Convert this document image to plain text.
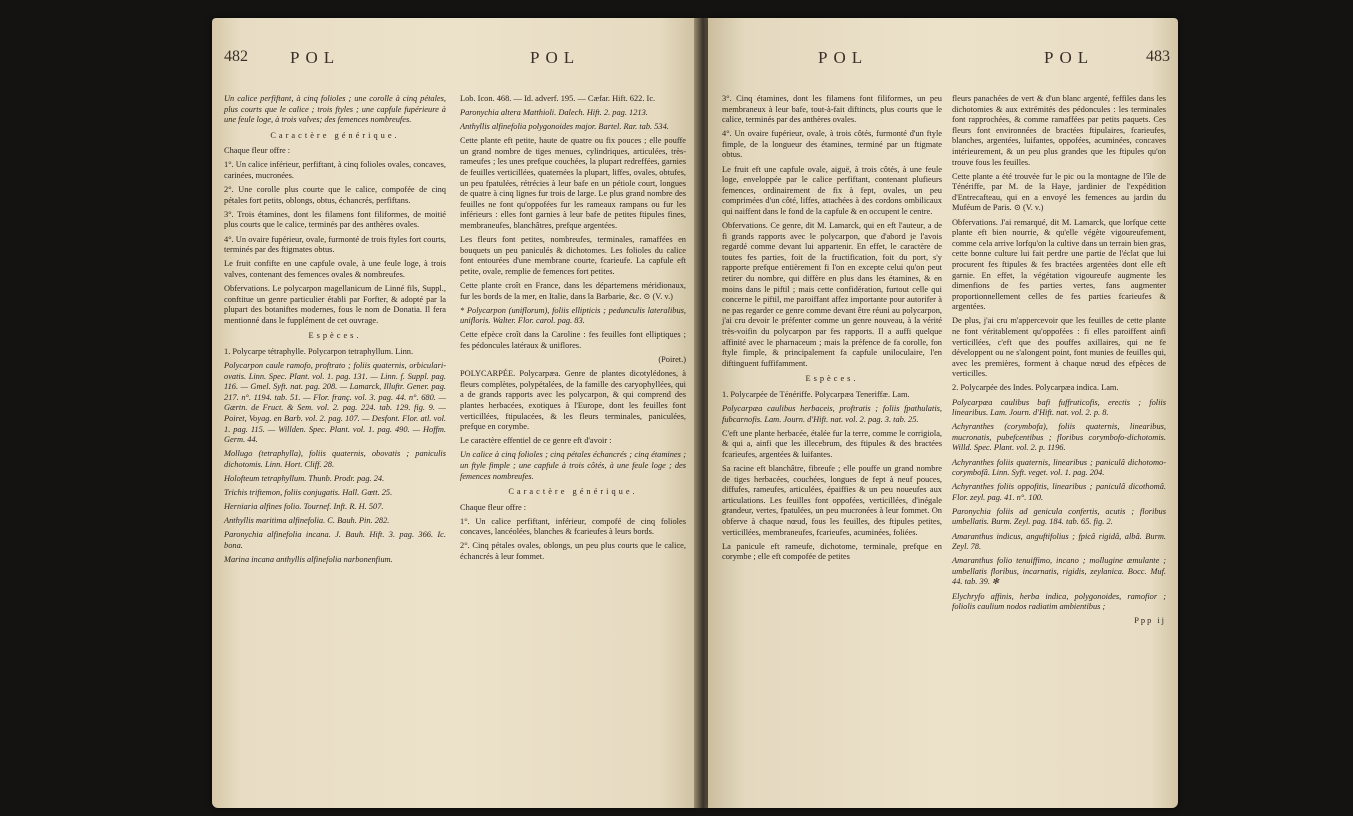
482 POL	POL

Un calice perfiftant, à cinq folioles ; une corolle à cinq pétales, plus courts que le calice ; trois ftyles ; une capfule fupérieure à une feule loge, à trois valves; des femences nombreufes.

Caractère générique.

Chaque fleur offre :

1°. Un calice inférieur, perfiftant, à cinq folioles ovales, concaves, carinées, mucronées.

2°. Une corolle plus courte que le calice, compofée de cinq pétales fort petits, oblongs, obtus, échancrés, perfiftans.

3°. Trois étamines, dont les filamens font filiformes, de moitié plus courts que le calice, terminés par des anthères ovales.

4°. Un ovaire fupérieur, ovale, furmonté de trois ftyles fort courts, terminés par des ftigmates obtus.

Le fruit confifte en une capfule ovale, à une feule loge, à trois valves, contenant des femences ovales & nombreufes.

Obfervations. Le polycarpon magellanicum de Linné fils, Suppl., conftitue un genre particulier établi par Forfter, & adopté par la plupart des botaniftes modernes, fous le nom de Donatia. Il fera mentionné dans le fupplément de cet ouvrage.

Espèces.

1. Polycarpe tétraphylle. Polycarpon tetraphyllum. Linn.

Polycarpon caule ramofo, proftrato ; foliis quaternis, orbiculari-ovatis. Linn. Spec. Plant. vol. 1. pag. 131. — Linn. f. Suppl. pag. 116. — Gmel. Syft. nat. pag. 208. — Lamarck, Illuftr. Gener. pag. 217. n°. 1194. tab. 51. — Flor. franç. vol. 3. pag. 44. n°. 680. — Gærtn. de Fruct. & Sem. vol. 2. pag. 224. tab. 129. fig. 9. — Poiret, Voyag. en Barb. vol. 2. pag. 107. — Desfont. Flor. atl. vol. 1. pag. 115. — Willden. Spec. Plant. vol. 1. pag. 490. — Hoffm. Germ. 44.

Mollugo (tetraphylla), foliis quaternis, obovatis ; paniculis dichotomis. Linn. Hort. Cliff. 28.

Holofteum tetraphyllum. Thunb. Prodr. pag. 24.

Trichis triftemon, foliis conjugatis. Hall. Gœtt. 25.

Herniaria alfines folio. Tournef. Inft. R. H. 507.

Anthyllis maritima alfinefolia. C. Bauh. Pin. 282.

Paronychia alfinefolia incana. J. Bauh. Hift. 3. pag. 366. Ic. bona.

Marina incana anthyllis alfinefolia narbonenfium.

Lob. Icon. 468. — Id. adverf. 195. — Cæfar. Hift. 622. Ic.

Paronychia altera Matthioli. Dalech. Hift. 2. pag. 1213.

Anthyllis alfinefolia polygonoides major. Bartel. Rar. tab. 534.

Cette plante eft petite, haute de quatre ou fix pouces ; elle pouffe un grand nombre de tiges menues, cylindriques, articulées, très-rameufes ; les unes prefque couchées, la plupart redreffées, garnies de feuilles verticillées, quaternées la plupart, liffes, ovales, obtufes, un peu fpatulées, rétrécies à leur bafe en un pétiole court, longues de quatre à cinq lignes fur trois de large. Le plus grand nombre des feuilles ne font qu'oppofées fur les rameaux rampans ou fur les inférieurs : elles font garnies à leur bafe de petites ftipules fines, membraneufes, blanchâtres, prefque argentées.

Les fleurs font petites, nombreufes, terminales, ramaffées en bouquets un peu paniculés & dichotomes. Les folioles du calice font entourées d'une membrane courte, fcarieufe. La capfule eft petite, ovale, remplie de femences fort petites.

Cette plante croît en France, dans les départemens méridionaux, fur les bords de la mer, en Italie, dans la Barbarie, &c. ⊙ (V. v.)

* Polycarpon (uniflorum), foliis ellipticis ; pedunculis lateralibus, unifloris. Walter. Flor. carol. pag. 83.

Cette efpèce croît dans la Caroline : fes feuilles font elliptiques ; fes pédoncules latéraux & uniflores.

(Poiret.)

POLYCARPÉE. Polycarpæa. Genre de plantes dicotylédones, à fleurs complètes, polypétalées, de la famille des caryophyllées, qui a de grands rapports avec les polycarpon, & qui comprend des plantes herbacées, exotiques à l'Europe, dont les feuilles font verticillées, ftipulacées, & les fleurs terminales, paniculées, prefque en corymbe.

Le caractère effentiel de ce genre eft d'avoir :

Un calice à cinq folioles ; cinq pétales échancrés ; cinq étamines ; un ftyle fimple ; une capfule à trois côtés, à une feule loge ; des femences nombreufes.

Caractère générique.

Chaque fleur offre :

1°. Un calice perfiftant, inférieur, compofé de cinq folioles concaves, lancéolées, blanches & fcarieufes à leurs bords.

2°. Cinq pétales ovales, oblongs, un peu plus courts que le calice, échancrés à leur fommet.

POL	POL	483

3°. Cinq étamines, dont les filamens font filiformes, un peu membraneux à leur bafe, tout-à-fait diftincts, plus courts que le calice, terminés par des anthères ovales.

4°. Un ovaire fupérieur, ovale, à trois côtés, furmonté d'un ftyle fimple, de la longueur des étamines, terminé par un ftigmate obtus.

Le fruit eft une capfule ovale, aiguë, à trois côtés, à une feule loge, enveloppée par le calice perfiftant, contenant plufieurs femences, ordinairement de fix à fept, ovales, un peu comprimées d'un côté, liffes, attachées à des cordons ombilicaux qui naiffent dans le fond de la capfule & en occupent le centre.

Obfervations. Ce genre, dit M. Lamarck, qui en eft l'auteur, a de fi grands rapports avec le polycarpon, que d'abord je l'avois regardé comme devant lui appartenir. En effet, le caractère de toutes fes parties, foit de la fructification, foit du port, s'y rapporte prefque entièrement fi l'on en excepte celui qu'on peut retirer du nombre, qui diffère en plus dans les étamines, & en moins dans le piftil ; mais cette confidération, furtout celle qui concerne le piftil, me paroiffant affez importante pour autorifer à ne pas regarder ce genre comme devant être réuni au polycarpon, j'ai cru devoir le préfenter comme un genre nouveau, à la vérité très-voifin du polycarpon par fes rapports. Il a auffi quelque affinité avec le pharnaceum ; mais la préfence de fa corolle, fon ftyle fimple, & principalement fa capfule uniloculaire, l'en diftinguent fuffifamment.

Espèces.

1. Polycarpée de Ténériffe. Polycarpæa Teneriffæ. Lam.

Polycarpæa caulibus herbaceis, proftratis ; foliis fpathulatis, fubcarnofis. Lam. Journ. d'Hift. nat. vol. 2. pag. 3. tab. 25.

C'eft une plante herbacée, étalée fur la terre, comme le corrigiola, & qui a, ainfi que les illecebrum, des ftipules & des bractées fcarieufes, argentées & luifantes.

Sa racine eft blanchâtre, fibreufe ; elle pouffe un grand nombre de tiges herbacées, couchées, longues de fept à neuf pouces, diffufes, rameufes, articulées, épaiffies & un peu noueufes aux articulations. Les feuilles font oppofées, verticillées, d'inégale grandeur, vertes, fpatulées, un peu mucronées à leur fommet. On obferve à chaque nœud, fous les feuilles, des ftipules petites, verticillées, membraneufes, fcarieufes, acuminées, foliées.

La panicule eft rameufe, dichotome, terminale, prefque en corymbe ; elle eft compofée de petites

fleurs panachées de vert & d'un blanc argenté, feffiles dans les dichotomies & aux extrémités des pédoncules : les terminales font rapprochées, & comme ramaffées par petits paquets. Ces fleurs font environnées de bractées ftipulaires, fcarieufes, blanches, argentées, luifantes, oppofées, acuminées, concaves intérieurement, & un peu plus grandes que les ftipules qu'on trouve fous les feuilles.

Cette plante a été trouvée fur le pic ou la montagne de l'île de Ténériffe, par M. de la Haye, jardinier de l'expédition d'Entrecafteau, qui en a envoyé les femences au jardin du Muféum de Paris. ⊙ (V. v.)

Obfervations. J'ai remarqué, dit M. Lamarck, que lorfque cette plante eft bien nourrie, & qu'elle végète vigoureufement, comme cela arrive lorfqu'on la cultive dans un terrain bien gras, cette bonne culture lui fait perdre une partie de l'éclat que lui procurent fes ftipules & fes bractées argentées dont elle eft garnie. En effet, la végétation vigoureufe augmente les dimenfions de fes parties vertes, fans augmenter proportionnellement celles de fes parties fcarieufes & argentées.

De plus, j'ai cru m'appercevoir que les feuilles de cette plante ne font véritablement qu'oppofées : fi elles paroiffent ainfi verticillées, c'eft que des pouffes axillaires, qui ne fe développent ou ne s'alongent point, font munies de feuilles qui, avec les premières, forment à chaque nœud des efpèces de verticilles.

2. Polycarpée des Indes. Polycarpæa indica. Lam.

Polycarpæa caulibus bafi fuffruticofis, erectis ; foliis linearibus. Lam. Journ. d'Hift. nat. vol. 2. p. 8.

Achyranthes (corymbofa), foliis quaternis, linearibus, mucronatis, pubefcentibus ; floribus corymbofo-dichotomis. Willd. Spec. Plant. vol. 2. p. 1196.

Achyranthes foliis quaternis, linearibus ; paniculâ dichotomo-corymbofâ. Linn. Syft. veget. vol. 1. pag. 204.

Achyranthes foliis oppofitis, linearibus ; paniculâ dicothomâ. Flor. zeyl. pag. 41. n°. 100.

Paronychia foliis ad genicula confertis, acutis ; floribus umbellatis. Burm. Zeyl. pag. 184. tab. 65. fig. 2.

Amaranthus indicus, anguftifolius ; fpicâ rigidâ, albâ. Burm. Zeyl. 78.

Amaranthus folio tenuiffimo, incano ; mollugine æmulante ; umbellatis floribus, incarnatis, rigidis, zeylanica. Bocc. Muf. 44. tab. 39. ✻

Elychryfo affinis, herba indica, polygonoides, ramofior ; foliolis caulium nodos radiatim ambientibus ;

Ppp ij
